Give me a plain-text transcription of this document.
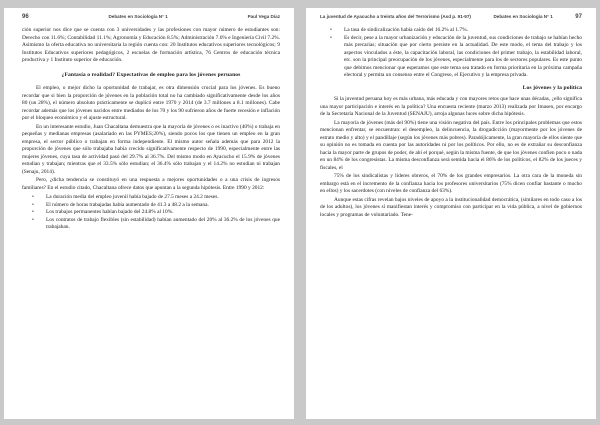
96	Debates en Sociología N° 1	Paul Vega Díaz

ción superior nos dice que se cuenta con 3 universidades y las profesiones con mayor número de estudiantes son: Derecho con 11.6%; Contabilidad 11.1%; Agronomía y Educación 8.5%; Administración 7.6% e Ingeniería Civil 7.2%. Asimismo la oferta educativa no universitaria la región cuenta con: 20 Institutos educativos superiores tecnológicos; 9 Institutos Educativos superiores pedagógicos, 2 escuelas de formación artística, 76 Centros de educación técnica productiva y 1 Instituto superior de educación.

¿Fantasía o realidad? Expectativas de empleo para los jóvenes peruanos

El empleo, o mejor dicho la oportunidad de trabajar, es otra dimensión crucial para los jóvenes. Es bueno recordar que si bien la proporción de jóvenes en la población total no ha cambiado significativamente desde los años 80 (un 28%), el número absoluto prácticamente se duplicó entre 1970 y 2014 (de 3.7 millones a 8.1 millones). Cabe recordar además que los jóvenes nacidos entre mediados de los 70 y los 90 sufrieron años de fuerte recesión e inflación por el bloqueo económico y el ajuste estructural.

En un interesante estudio, Juan Chacaltana demuestra que la mayoría de jóvenes o es inactivo (40%) o trabaja en pequeñas y medianas empresas (asalariado en las PYMES;20%), siendo pocos los que tienen un empleo en la gran empresa, el sector público o trabajan en forma independiente. El mismo autor señala además que para 2012 la proporción de jóvenes que sólo trabajaba había crecido significativamente respecto de 1990, especialmente entre las mujeres jóvenes, cuya tasa de actividad pasó del 29.7% al 36.7%. Del mismo modo en Ayacucho el 15.9% de jóvenes estudian y trabajan; mientras que el 33.5% sólo estudian; el 36.4% sólo trabajan y el 14.2% no estudian ni trabajan (Senaju, 2014).

Pero, ¿dicha tendencia se constituyó en una respuesta a mejores oportunidades o a una crisis de ingresos familiares? En el estudio citado, Chacaltana ofrece datos que apuntan a la segunda hipótesis. Entre 1990 y 2012:

• La duración media del empleo juvenil había bajado de 27.5 meses a 24.2 meses.
• El número de horas trabajadas había aumentado de 41.3 a 48.2 a la semana.
• Los trabajos permanentes habían bajado del 24.8% al 10%.
• Los contratos de trabajo flexibles (sin estabilidad) habían aumentado del 20% al 36.2% de los jóvenes que trabajaban.
La juventud de Ayacucho a treinta años del Terrorismo (Asd p. 91-97)	Debates en Sociología N° 1	97
• La tasa de sindicalización había caído del 16.2% al 1.7%.
• Es decir, pese a la mayor urbanización y educación de la juventud, sus condiciones de trabajo se habían hecho más precarias; situación que por cierto persiste en la actualidad. De este modo, el tema del trabajo y los aspectos vinculados a éste, la capacitación laboral, las condiciones del primer trabajo, la estabilidad laboral, etc. son la principal preocupación de los jóvenes, especialmente para los de sectores populares. Es este punto que debimos mencionar que esperamos que este tema sea tratado en forma prioritaria en la próxima campaña electoral y permita un consenso entre el Congreso, el Ejecutivo y la empresa privada.
Los jóvenes y la política

Si la juventud peruana hoy es más urbana, más educada y con mayores retos que hace unas décadas, ¿ello significa una mayor participación e interés en la política? Una encuesta reciente (marzo 2013) realizada por Imasen, por encargo de la Secretaría Nacional de la Juventud (SENAJU), arroja algunas luces sobre dicha hipótesis.

La mayoría de jóvenes (más del 90%) tiene una visión negativa del país. Entre los principales problemas que estos mencionan enfrentar, se encuentran: el desempleo, la delincuencia, la drogadicción (mayormente por los jóvenes de estrato medio y alto) y el pandillaje (según los jóvenes más pobres). Paradójicamente, la gran mayoría de ellos siente que su opinión no es tomada en cuenta por las autoridades ni por los políticos. Por ello, no es de extrañar su desconfianza hacia la mayor parte de grupos de poder, de ahí el porqué, según la misma fuente, de que los jóvenes confíen poco o nada en un 84% de los congresistas. La misma desconfianza será sentida hacia el 86% de los políticos, el 82% de los jueces y fiscales, el

75% de los sindicalistas y líderes obreros, el 70% de los grandes empresarios. La otra cara de la moneda sin embargo está en el incremento de la confianza hacia los profesores universitarios (75% dicen confiar bastante o mucho en ellos) y los sacerdotes (con niveles de confianza del 63%).

Aunque estas cifras revelan bajos niveles de apoyo a la institucionalidad democrática, (similares en todo caso a los de los adultos), los jóvenes sí manifiestan interés y compromiso con participar en la vida pública, a nivel de gobiernos locales y programas de voluntariado. Tene-
